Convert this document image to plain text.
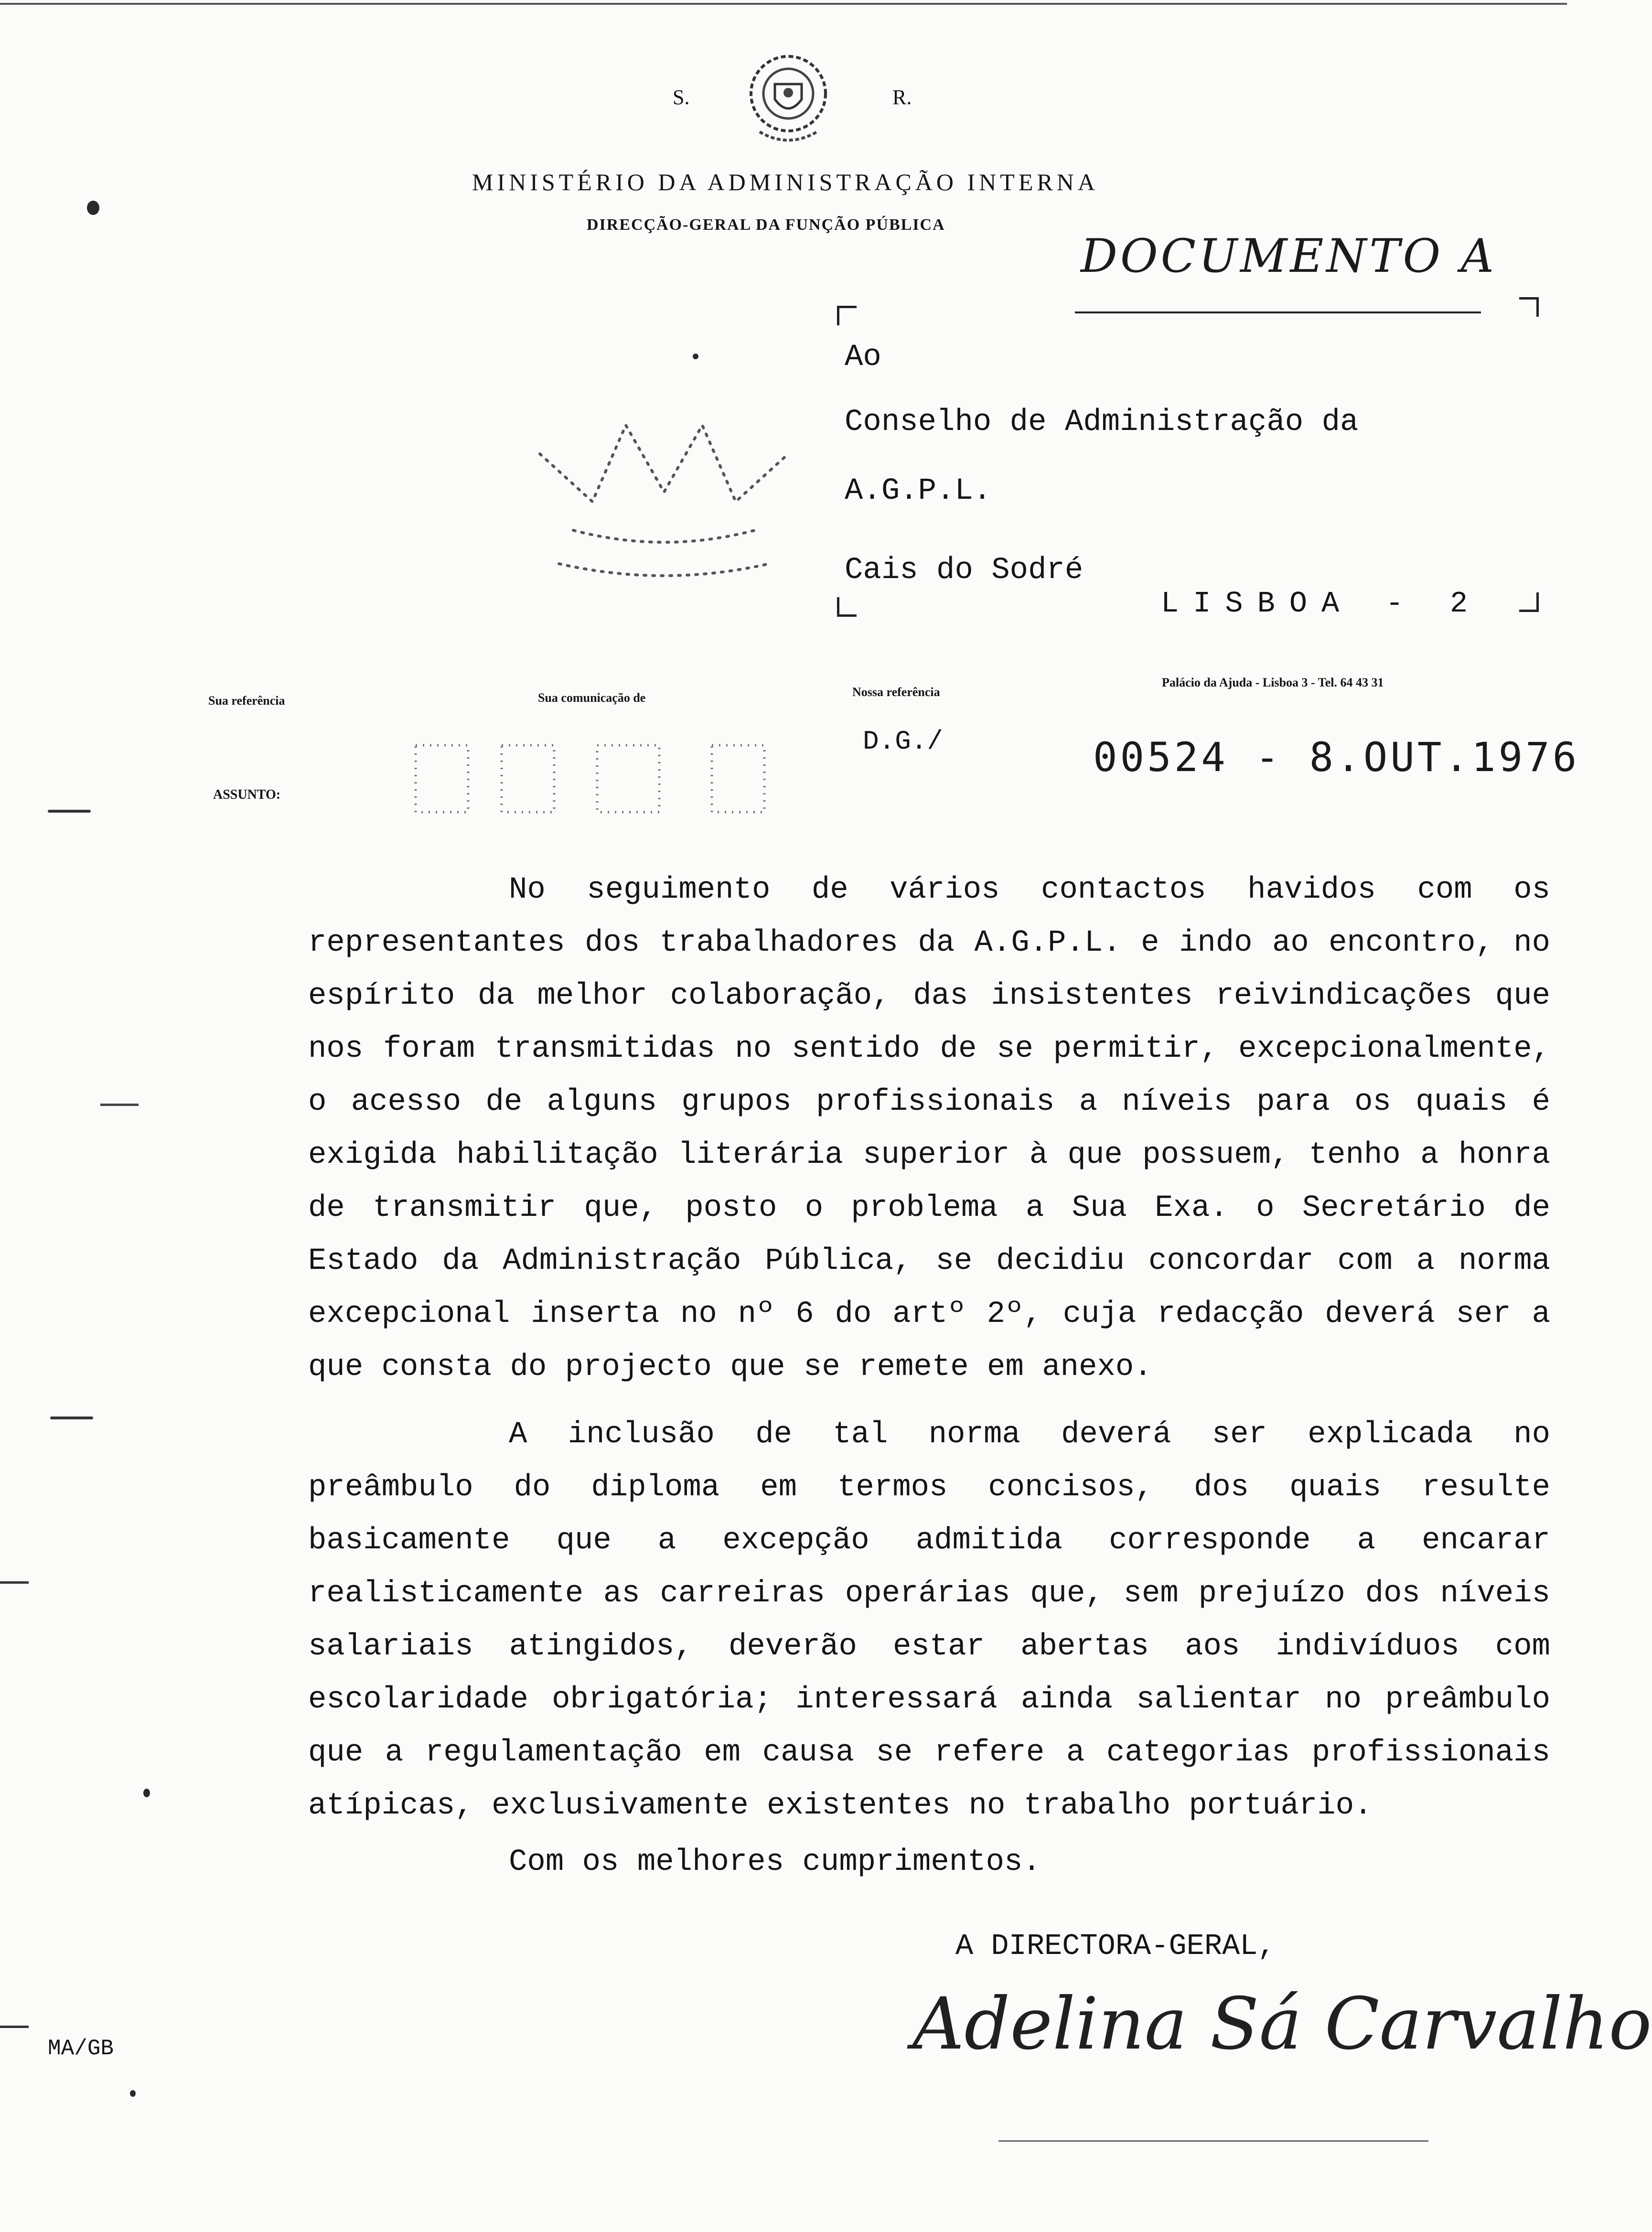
S.	R.
MINISTÉRIO DA ADMINISTRAÇÃO INTERNA
DIRECÇÃO-GERAL DA FUNÇÃO PÚBLICA
DOCUMENTO A
Ao
Conselho de Administração da
A.G.P.L.
Cais do Sodré
LISBOA - 2
Sua referência	Sua comunicação de	Nossa referência
Palácio da Ajuda - Lisboa 3 - Tel. 64 43 31
ASSUNTO:
D.G./	00524 - 8.OUT.1976

No seguimento de vários contactos havidos com os representantes dos trabalhadores da A.G.P.L. e indo ao encontro, no espírito da melhor colaboração, das insistentes reivindicações que nos foram transmitidas no sentido de se permitir, excepcionalmente, o acesso de alguns grupos profissionais a níveis para os quais é exigida habilitação literária superior à que possuem, tenho a honra de transmitir que, posto o problema a Sua Exa. o Secretário de Estado da Administração Pública, se decidiu concordar com a norma excepcional inserta no nº 6 do artº 2º, cuja redacção deverá ser a que consta do projecto que se remete em anexo.

A inclusão de tal norma deverá ser explicada no preâmbulo do diploma em termos concisos, dos quais resulte basicamente que a excepção admitida corresponde a encarar realisticamente as carreiras operárias que, sem prejuízo dos níveis salariais atingidos, deverão estar abertas aos indivíduos com escolaridade obrigatória; interessará ainda salientar no preâmbulo que a regulamentação em causa se refere a categorias profissionais atípicas, exclusivamente existentes no trabalho portuário.

Com os melhores cumprimentos.
A DIRECTORA-GERAL,
Adelina Sá Carvalho
MA/GB
